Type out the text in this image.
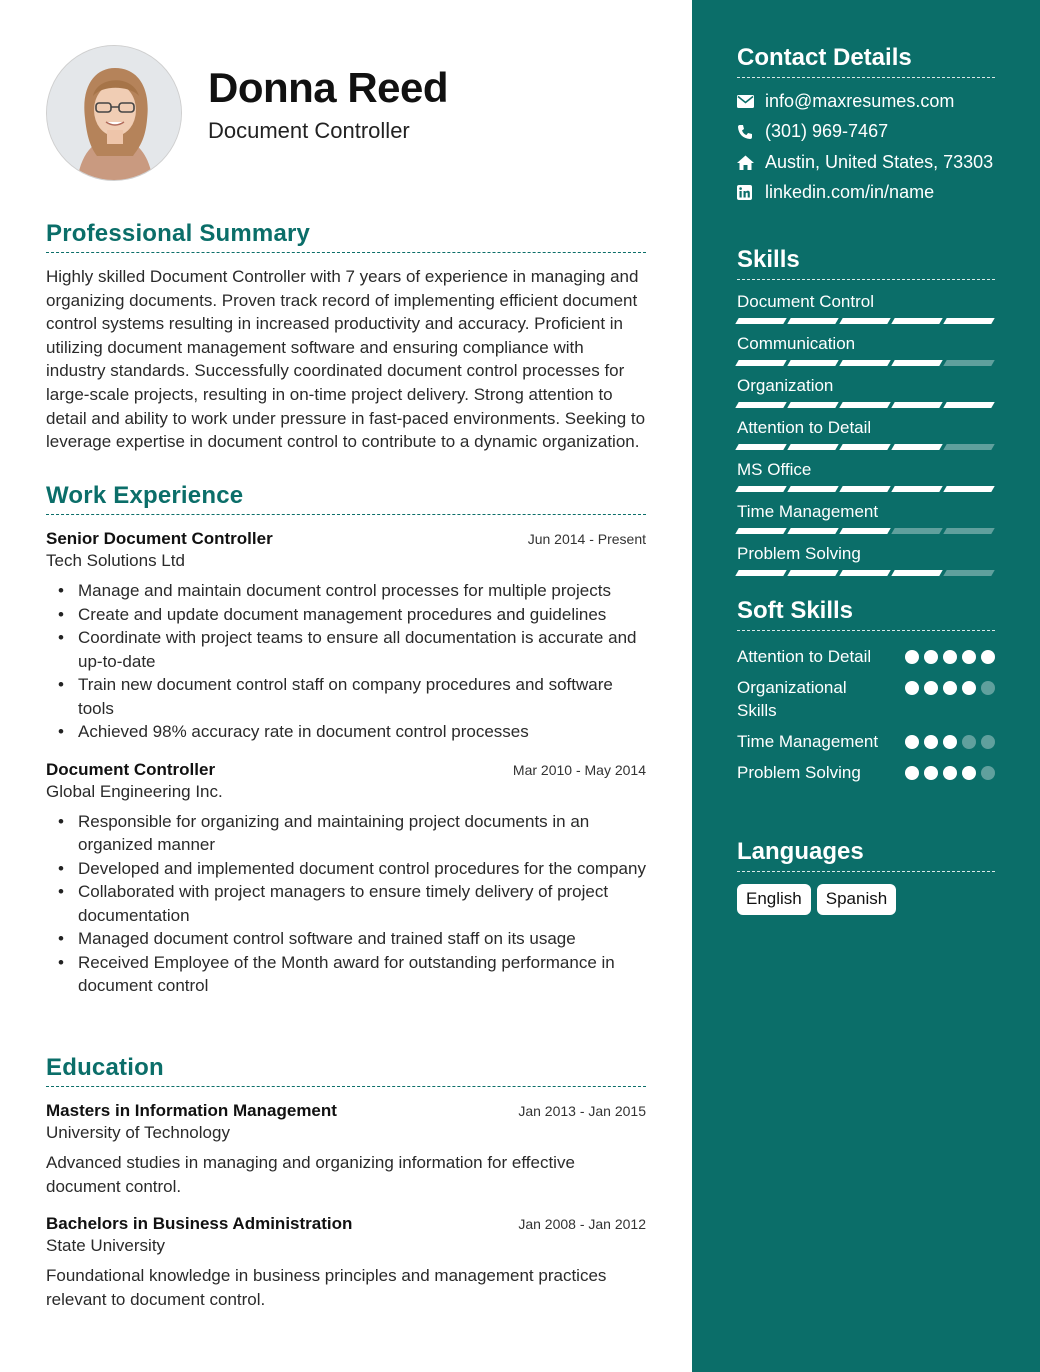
Donna Reed
Document Controller
Professional Summary
Highly skilled Document Controller with 7 years of experience in managing and organizing documents. Proven track record of implementing efficient document control systems resulting in increased productivity and accuracy. Proficient in utilizing document management software and ensuring compliance with industry standards. Successfully coordinated document control processes for large-scale projects, resulting in on-time project delivery. Strong attention to detail and ability to work under pressure in fast-paced environments. Seeking to leverage expertise in document control to contribute to a dynamic organization.
Work Experience
Senior Document Controller	Jun 2014 - Present
Tech Solutions Ltd
• Manage and maintain document control processes for multiple projects
• Create and update document management procedures and guidelines
• Coordinate with project teams to ensure all documentation is accurate and up-to-date
• Train new document control staff on company procedures and software tools
• Achieved 98% accuracy rate in document control processes
Document Controller	Mar 2010 - May 2014
Global Engineering Inc.
• Responsible for organizing and maintaining project documents in an organized manner
• Developed and implemented document control procedures for the company
• Collaborated with project managers to ensure timely delivery of project documentation
• Managed document control software and trained staff on its usage
• Received Employee of the Month award for outstanding performance in document control
Education
Masters in Information Management	Jan 2013 - Jan 2015
University of Technology
Advanced studies in managing and organizing information for effective document control.
Bachelors in Business Administration	Jan 2008 - Jan 2012
State University
Foundational knowledge in business principles and management practices relevant to document control.
Contact Details
info@maxresumes.com
(301) 969-7467
Austin, United States, 73303
linkedin.com/in/name
Skills
Document Control
Communication
Organization
Attention to Detail
MS Office
Time Management
Problem Solving
Soft Skills
Attention to Detail
Organizational Skills
Time Management
Problem Solving
Languages
English	Spanish
